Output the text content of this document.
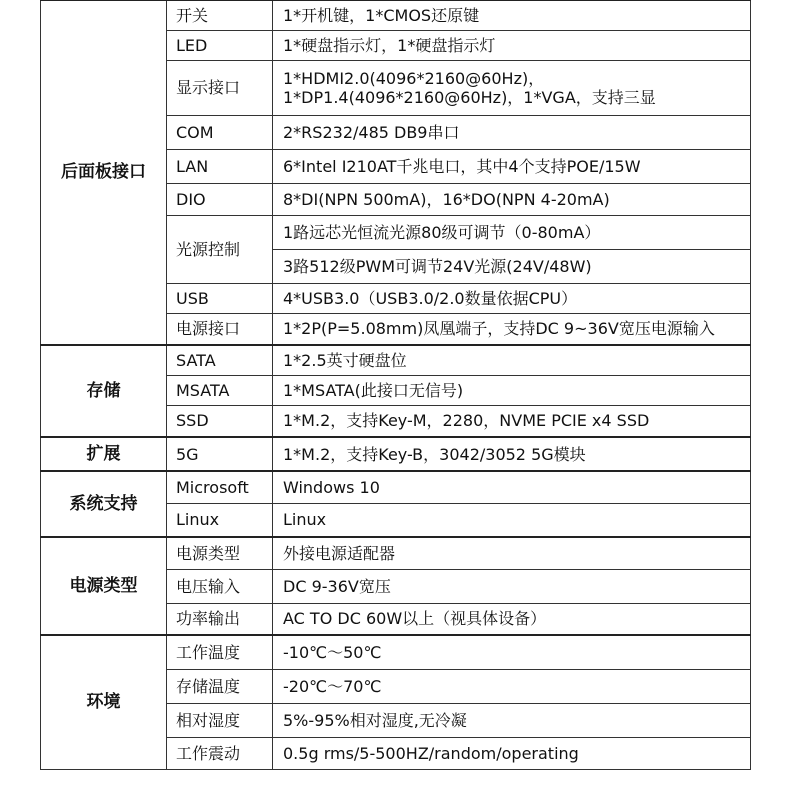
后面板接口	开关	1*开机键，1*CMOS还原键
	LED	1*硬盘指示灯，1*硬盘指示灯
	显示接口	1*HDMI2.0(4096*2160@60Hz)，
1*DP1.4(4096*2160@60Hz)，1*VGA，支持三显
	COM	2*RS232/485 DB9串口
	LAN	6*Intel I210AT千兆电口，其中4个支持POE/15W
	DIO	8*DI(NPN 500mA)，16*DO(NPN 4-20mA)
	光源控制	1路远芯光恒流光源80级可调节（0-80mA）
		3路512级PWM可调节24V光源(24V/48W)
	USB	4*USB3.0（USB3.0/2.0数量依据CPU）
	电源接口	1*2P(P=5.08mm)凤凰端子，支持DC 9~36V宽压电源输入
存储	SATA	1*2.5英寸硬盘位
	MSATA	1*MSATA(此接口无信号)
	SSD	1*M.2，支持Key-M，2280，NVME PCIE x4 SSD
扩展	5G	1*M.2，支持Key-B，3042/3052 5G模块
系统支持	Microsoft	Windows 10
	Linux	Linux
电源类型	电源类型	外接电源适配器
	电压输入	DC 9-36V宽压
	功率输出	AC TO DC 60W以上（视具体设备）
环境	工作温度	-10℃～50℃
	存储温度	-20℃～70℃
	相对湿度	5%-95%相对湿度,无冷凝
	工作震动	0.5g rms/5-500HZ/random/operating
